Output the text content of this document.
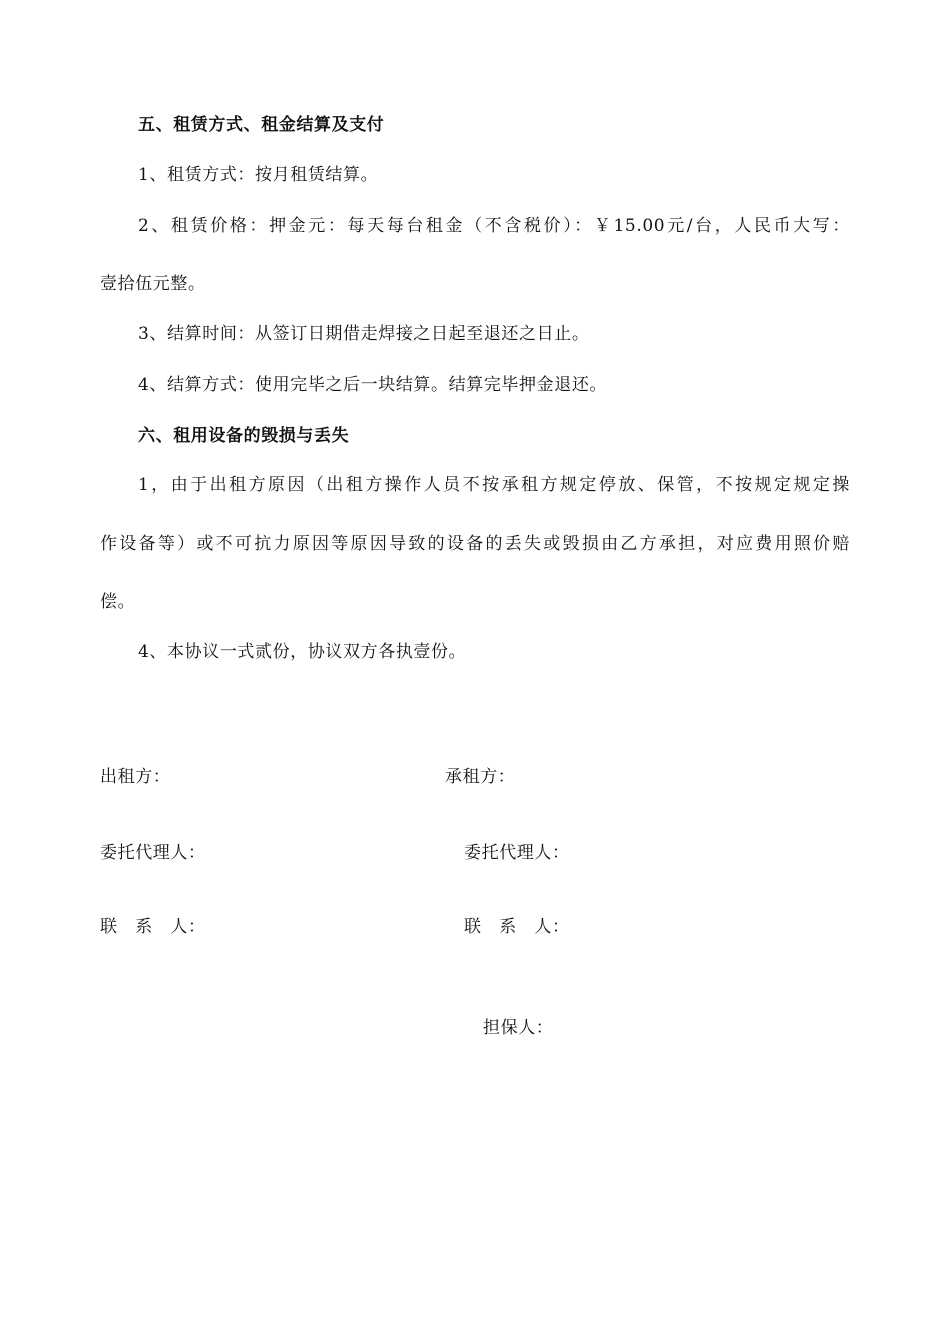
五、租赁方式、租金结算及支付
1、租赁方式：按月租赁结算。
2、租赁价格：押金元：每天每台租金（不含税价）：￥15.00元/台，人民币大写：
壹拾伍元整。
3、结算时间：从签订日期借走焊接之日起至退还之日止。
4、结算方式：使用完毕之后一块结算。结算完毕押金退还。
六、租用设备的毁损与丢失
1，由于出租方原因（出租方操作人员不按承租方规定停放、保管，不按规定规定操
作设备等）或不可抗力原因等原因导致的设备的丢失或毁损由乙方承担，对应费用照价赔
偿。
4、本协议一式贰份，协议双方各执壹份。
出租方：	承租方：
委托代理人：	委托代理人：
联　系　人：	联　系　人：
担保人：
